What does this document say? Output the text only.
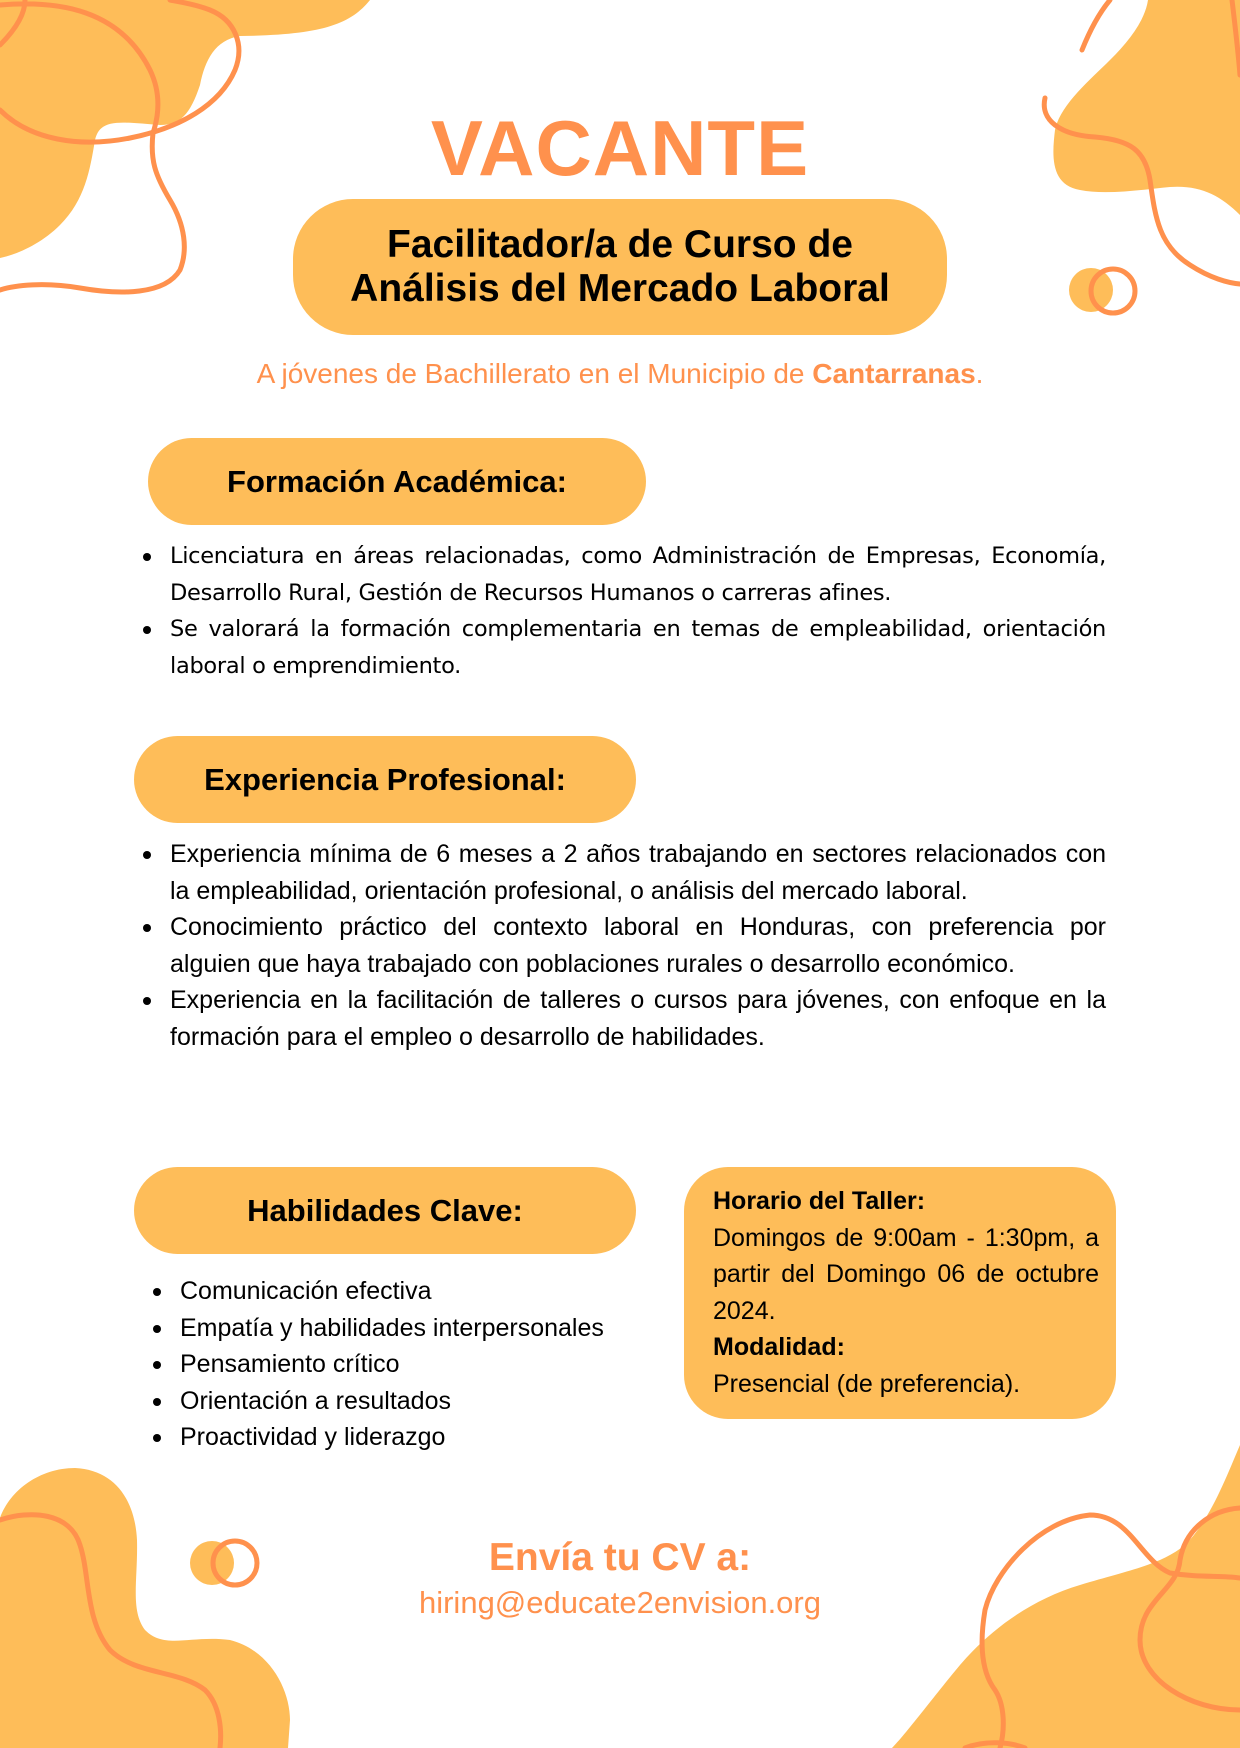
VACANTE
Facilitador/a de Curso de
Análisis del Mercado Laboral
A jóvenes de Bachillerato en el Municipio de Cantarranas.
Formación Académica:
Licenciatura en áreas relacionadas, como Administración de Empresas, Economía, Desarrollo Rural, Gestión de Recursos Humanos o carreras afines.
Se valorará la formación complementaria en temas de empleabilidad, orientación laboral o emprendimiento.
Experiencia Profesional:
Experiencia mínima de 6 meses a 2 años trabajando en sectores relacionados con la empleabilidad, orientación profesional, o análisis del mercado laboral.
Conocimiento práctico del contexto laboral en Honduras, con preferencia por alguien que haya trabajado con poblaciones rurales o desarrollo económico.
Experiencia en la facilitación de talleres o cursos para jóvenes, con enfoque en la formación para el empleo o desarrollo de habilidades.
Habilidades Clave:
Comunicación efectiva
Empatía y habilidades interpersonales
Pensamiento crítico
Orientación a resultados
Proactividad y liderazgo
Horario del Taller:
Domingos de 9:00am - 1:30pm, a partir del Domingo 06 de octubre 2024.
Modalidad:
Presencial (de preferencia).
Envía tu CV a:
hiring@educate2envision.org
